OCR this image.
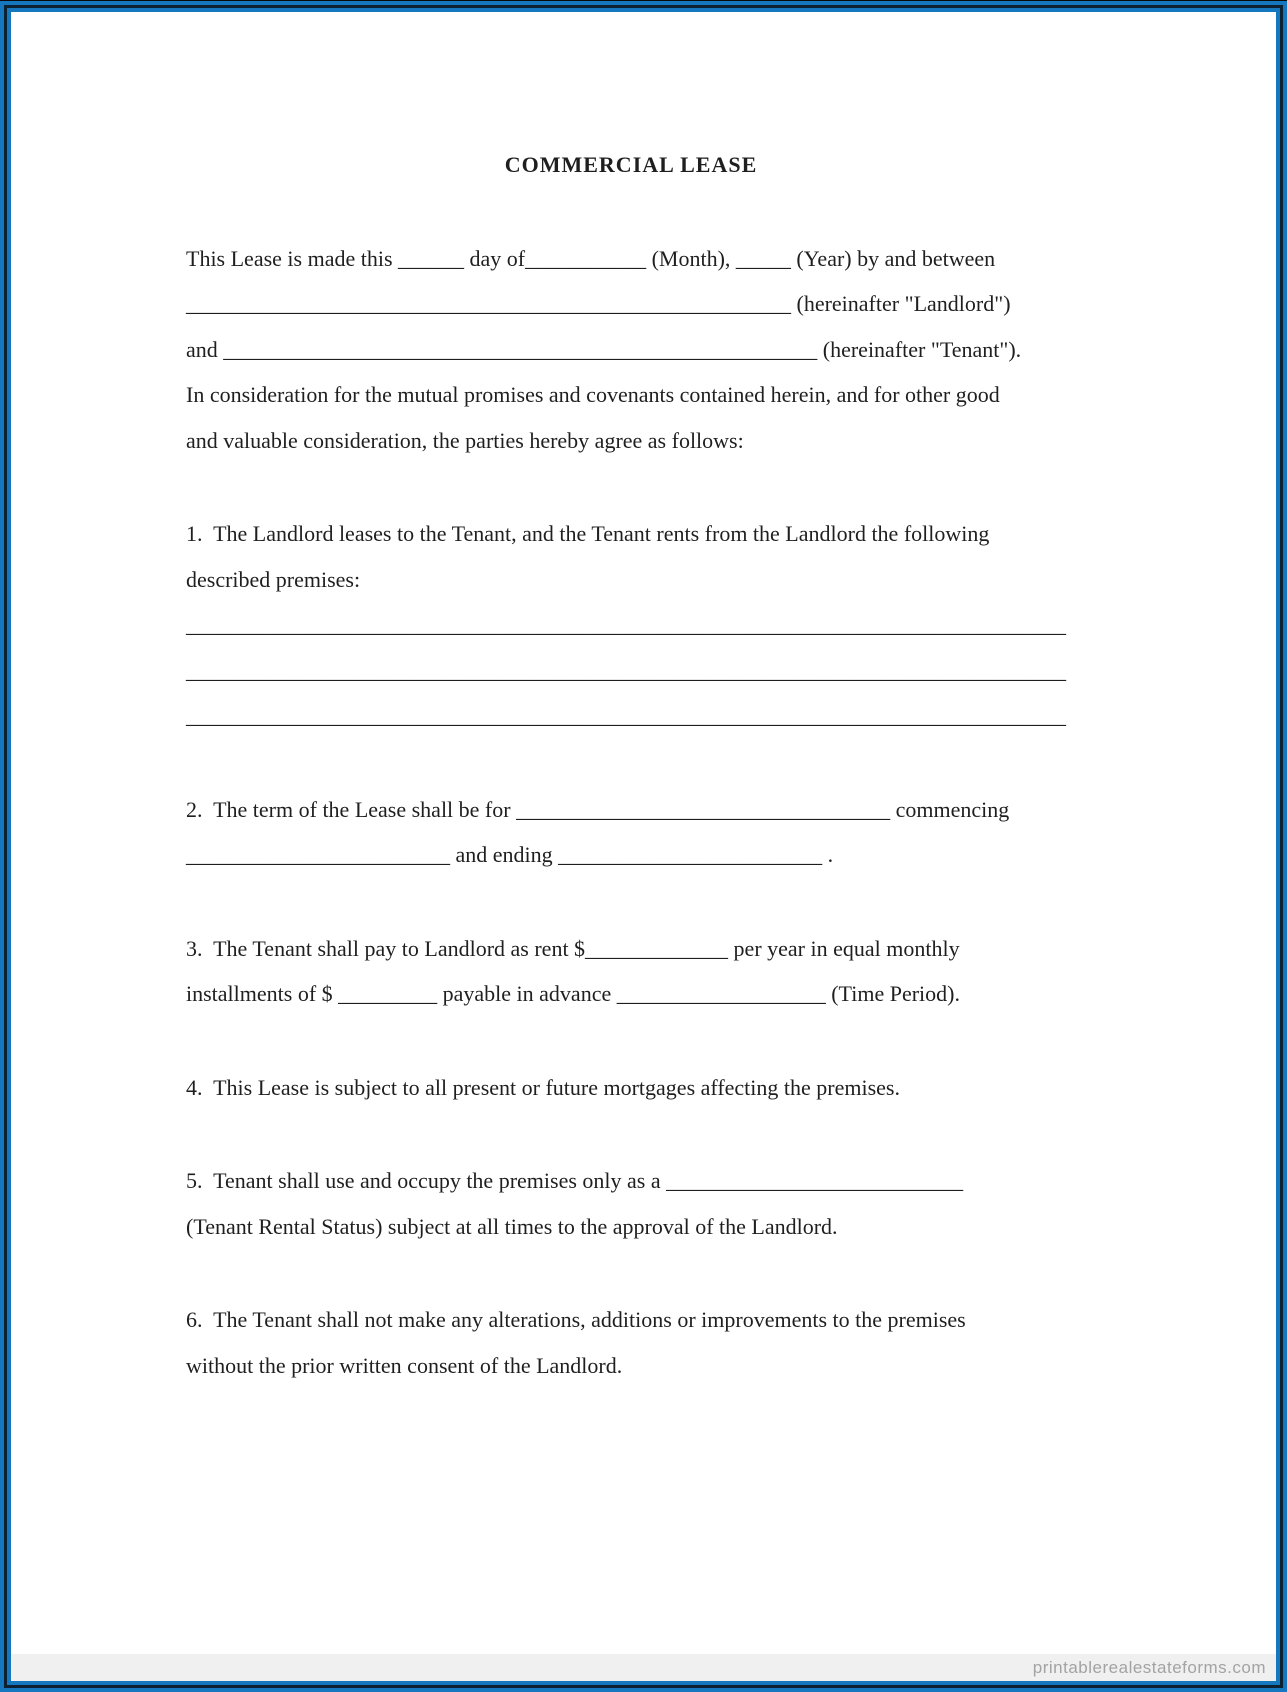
COMMERCIAL LEASE
This Lease is made this ______ day of___________ (Month), _____ (Year) by and between
_______________________________________________________ (hereinafter "Landlord")
and ______________________________________________________ (hereinafter "Tenant").
In consideration for the mutual promises and covenants contained herein, and for other good
and valuable consideration, the parties hereby agree as follows:
1.  The Landlord leases to the Tenant, and the Tenant rents from the Landlord the following
described premises:
________________________________________________________________________________
________________________________________________________________________________
________________________________________________________________________________
2.  The term of the Lease shall be for __________________________________ commencing
________________________ and ending ________________________ .
3.  The Tenant shall pay to Landlord as rent $_____________ per year in equal monthly
installments of $ _________ payable in advance ___________________ (Time Period).
4.  This Lease is subject to all present or future mortgages affecting the premises.
5.  Tenant shall use and occupy the premises only as a ___________________________
(Tenant Rental Status) subject at all times to the approval of the Landlord.
6.  The Tenant shall not make any alterations, additions or improvements to the premises
without the prior written consent of the Landlord.
printablerealestateforms.com
